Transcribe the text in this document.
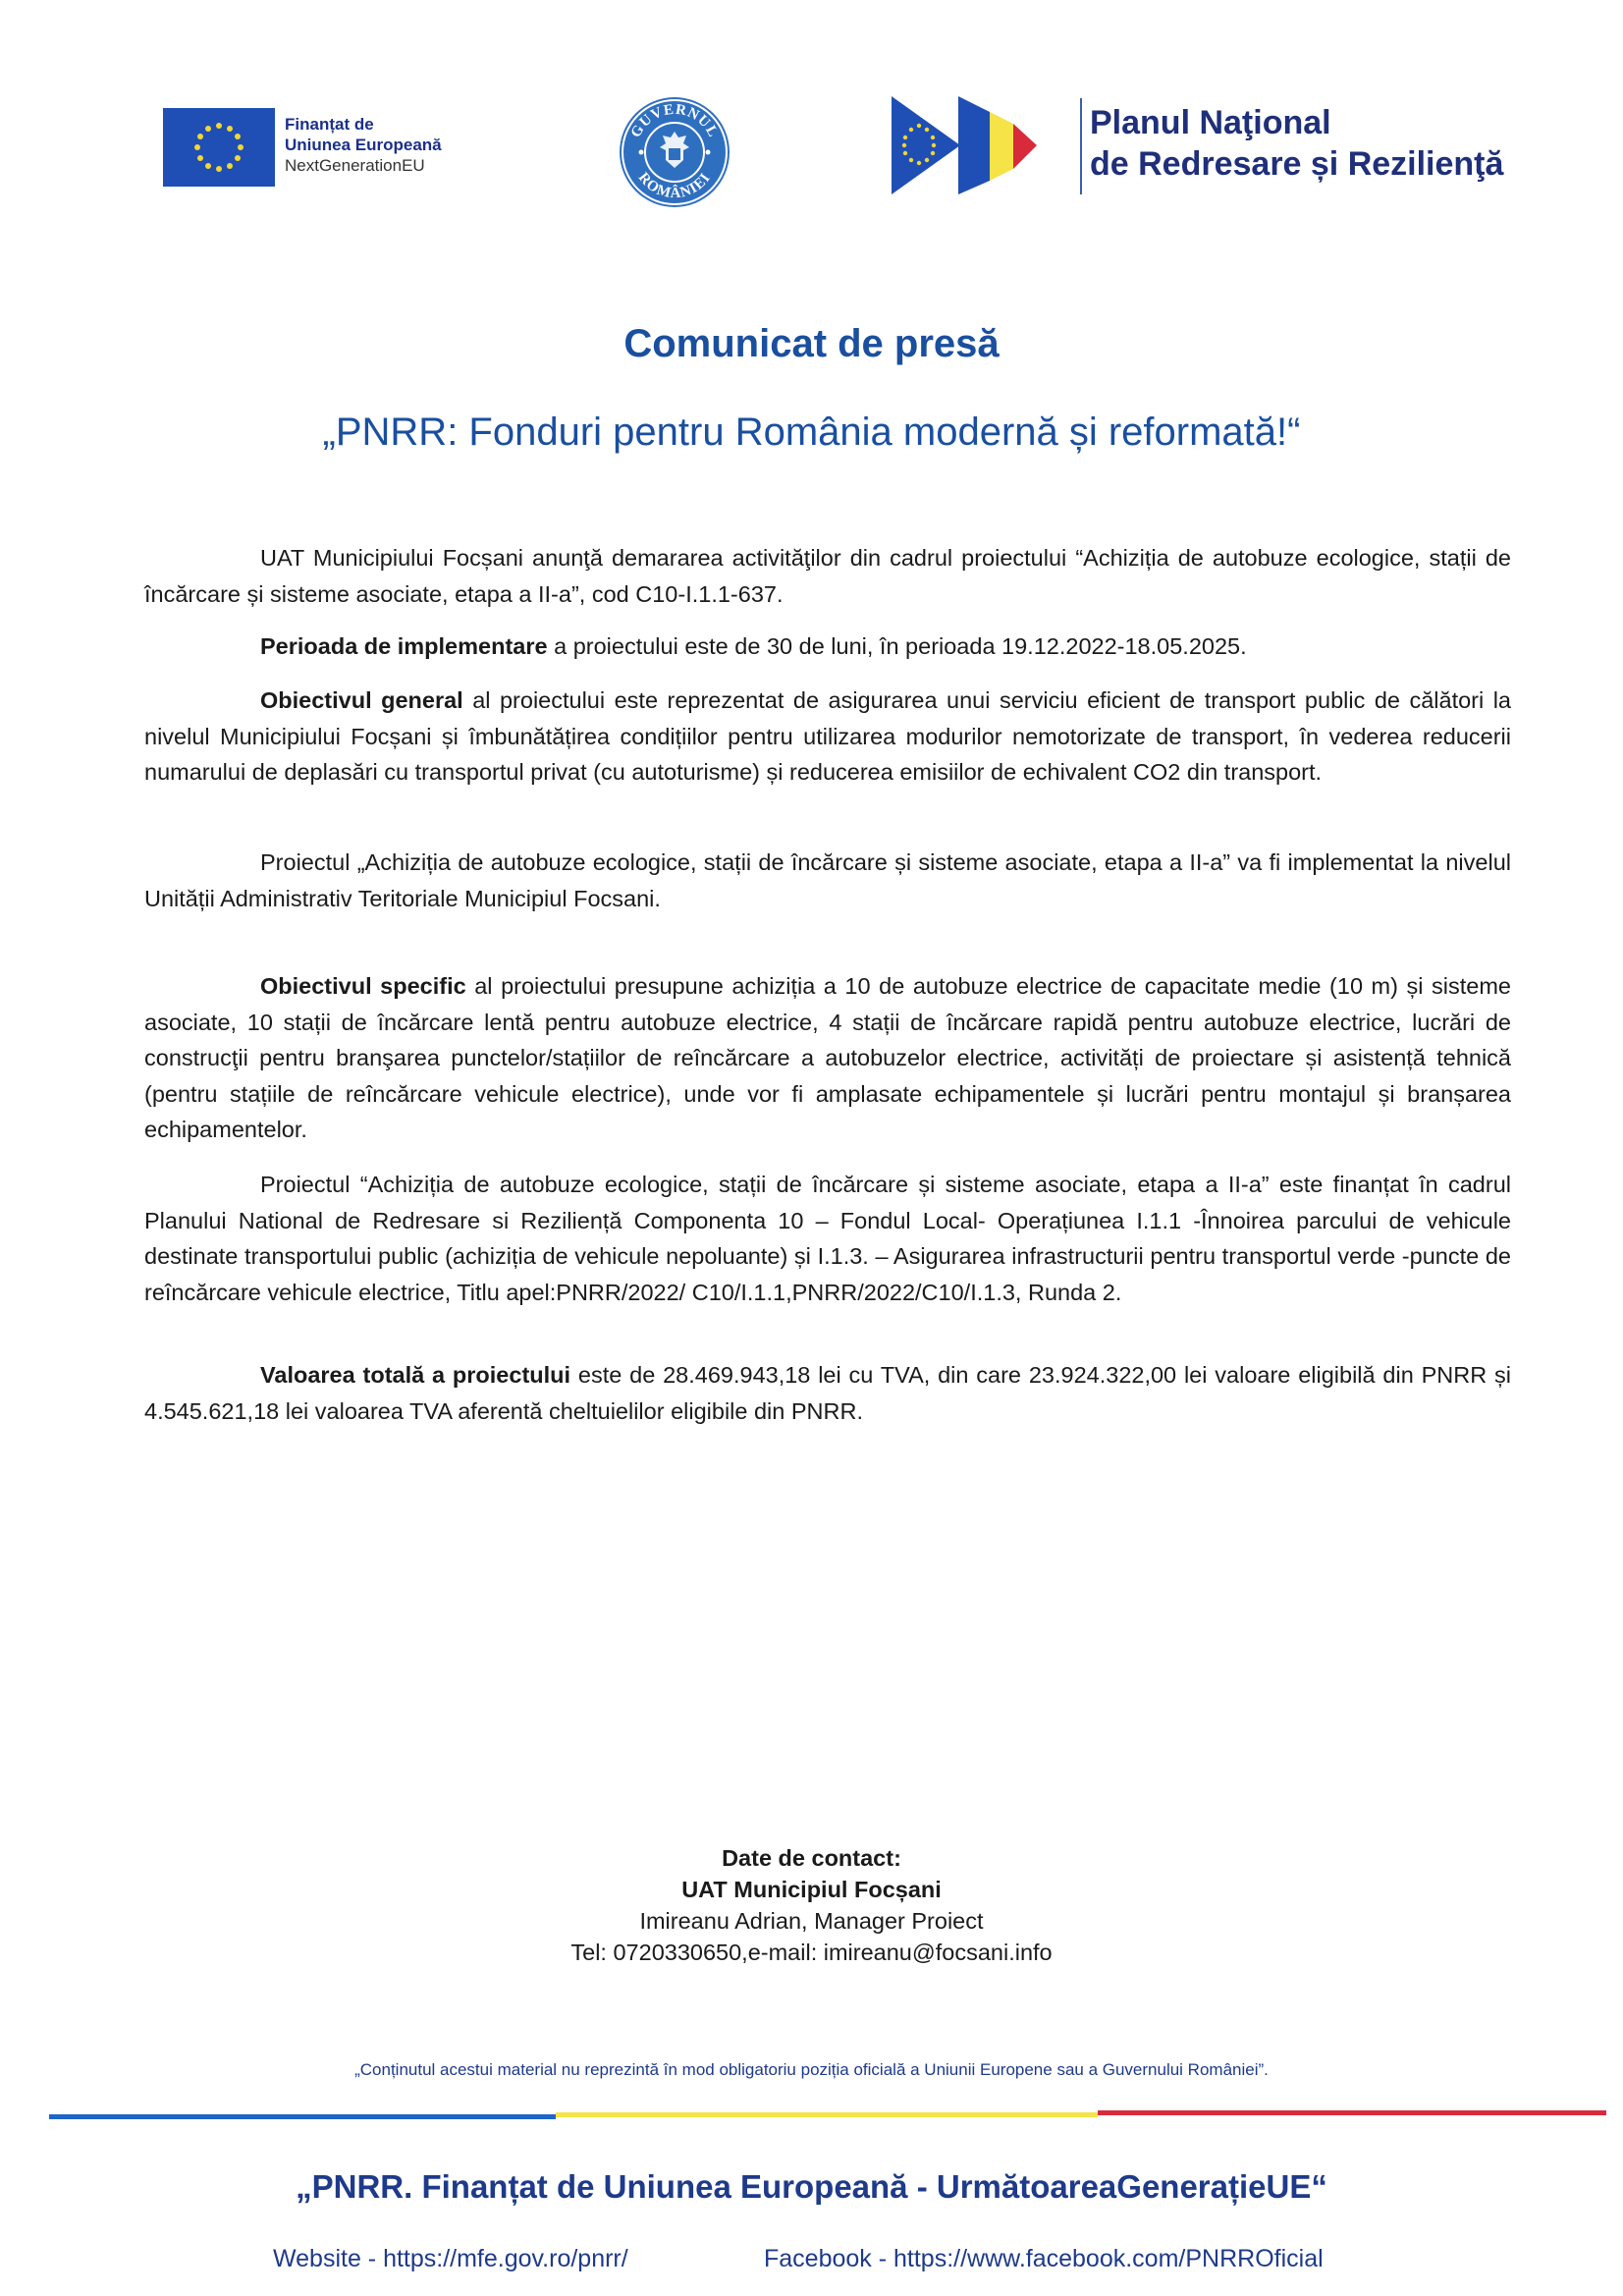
Finanțat de
Uniunea Europeană
NextGenerationEU
GUVERNUL
ROMÂNIEI
Planul Naţional
de Redresare și Rezilienţă
Comunicat de presă
„PNRR: Fonduri pentru România modernă și reformată!“

UAT Municipiului Focșani anunţă demararea activităţilor din cadrul proiectului “Achiziția de autobuze ecologice, stații de încărcare și sisteme asociate, etapa a II-a”, cod C10-I.1.1-637.

Perioada de implementare a proiectului este de 30 de luni, în perioada 19.12.2022-18.05.2025.

Obiectivul general al proiectului este reprezentat de asigurarea unui serviciu eficient de transport public de călători la nivelul Municipiului Focșani și îmbunătățirea condițiilor pentru utilizarea modurilor nemotorizate de transport, în vederea reducerii numarului de deplasări cu transportul privat (cu autoturisme) și reducerea emisiilor de echivalent CO2 din transport.

Proiectul „Achiziția de autobuze ecologice, stații de încărcare și sisteme asociate, etapa a II-a” va fi implementat la nivelul Unității Administrativ Teritoriale Municipiul Focsani.

Obiectivul specific al proiectului presupune achiziția a 10 de autobuze electrice de capacitate medie (10 m) și sisteme asociate, 10 stații de încărcare lentă pentru autobuze electrice, 4 stații de încărcare rapidă pentru autobuze electrice, lucrări de construcţii pentru branşarea punctelor/stațiilor de reîncărcare a autobuzelor electrice, activități de proiectare și asistență tehnică (pentru stațiile de reîncărcare vehicule electrice), unde vor fi amplasate echipamentele și lucrări pentru montajul și branșarea echipamentelor.

Proiectul “Achiziția de autobuze ecologice, stații de încărcare și sisteme asociate, etapa a II-a” este finanțat în cadrul Planului National de Redresare si Reziliență Componenta 10 – Fondul Local- Operațiunea I.1.1 -Înnoirea parcului de vehicule destinate transportului public (achiziția de vehicule nepoluante) și I.1.3. – Asigurarea infrastructurii pentru transportul verde -puncte de reîncărcare vehicule electrice, Titlu apel:PNRR/2022/ C10/I.1.1,PNRR/2022/C10/I.1.3, Runda 2.

Valoarea totală a proiectului este de 28.469.943,18 lei cu TVA, din care 23.924.322,00 lei valoare eligibilă din PNRR și 4.545.621,18 lei valoarea TVA aferentă cheltuielilor eligibile din PNRR.

Date de contact:
UAT Municipiul Focșani
Imireanu Adrian, Manager Proiect
Tel: 0720330650,e-mail: imireanu@focsani.info
„Conținutul acestui material nu reprezintă în mod obligatoriu poziția oficială a Uniunii Europene sau a Guvernului României”.
„PNRR. Finanțat de Uniunea Europeană - UrmătoareaGenerațieUE“
Website - https://mfe.gov.ro/pnrr/	Facebook - https://www.facebook.com/PNRROficial
